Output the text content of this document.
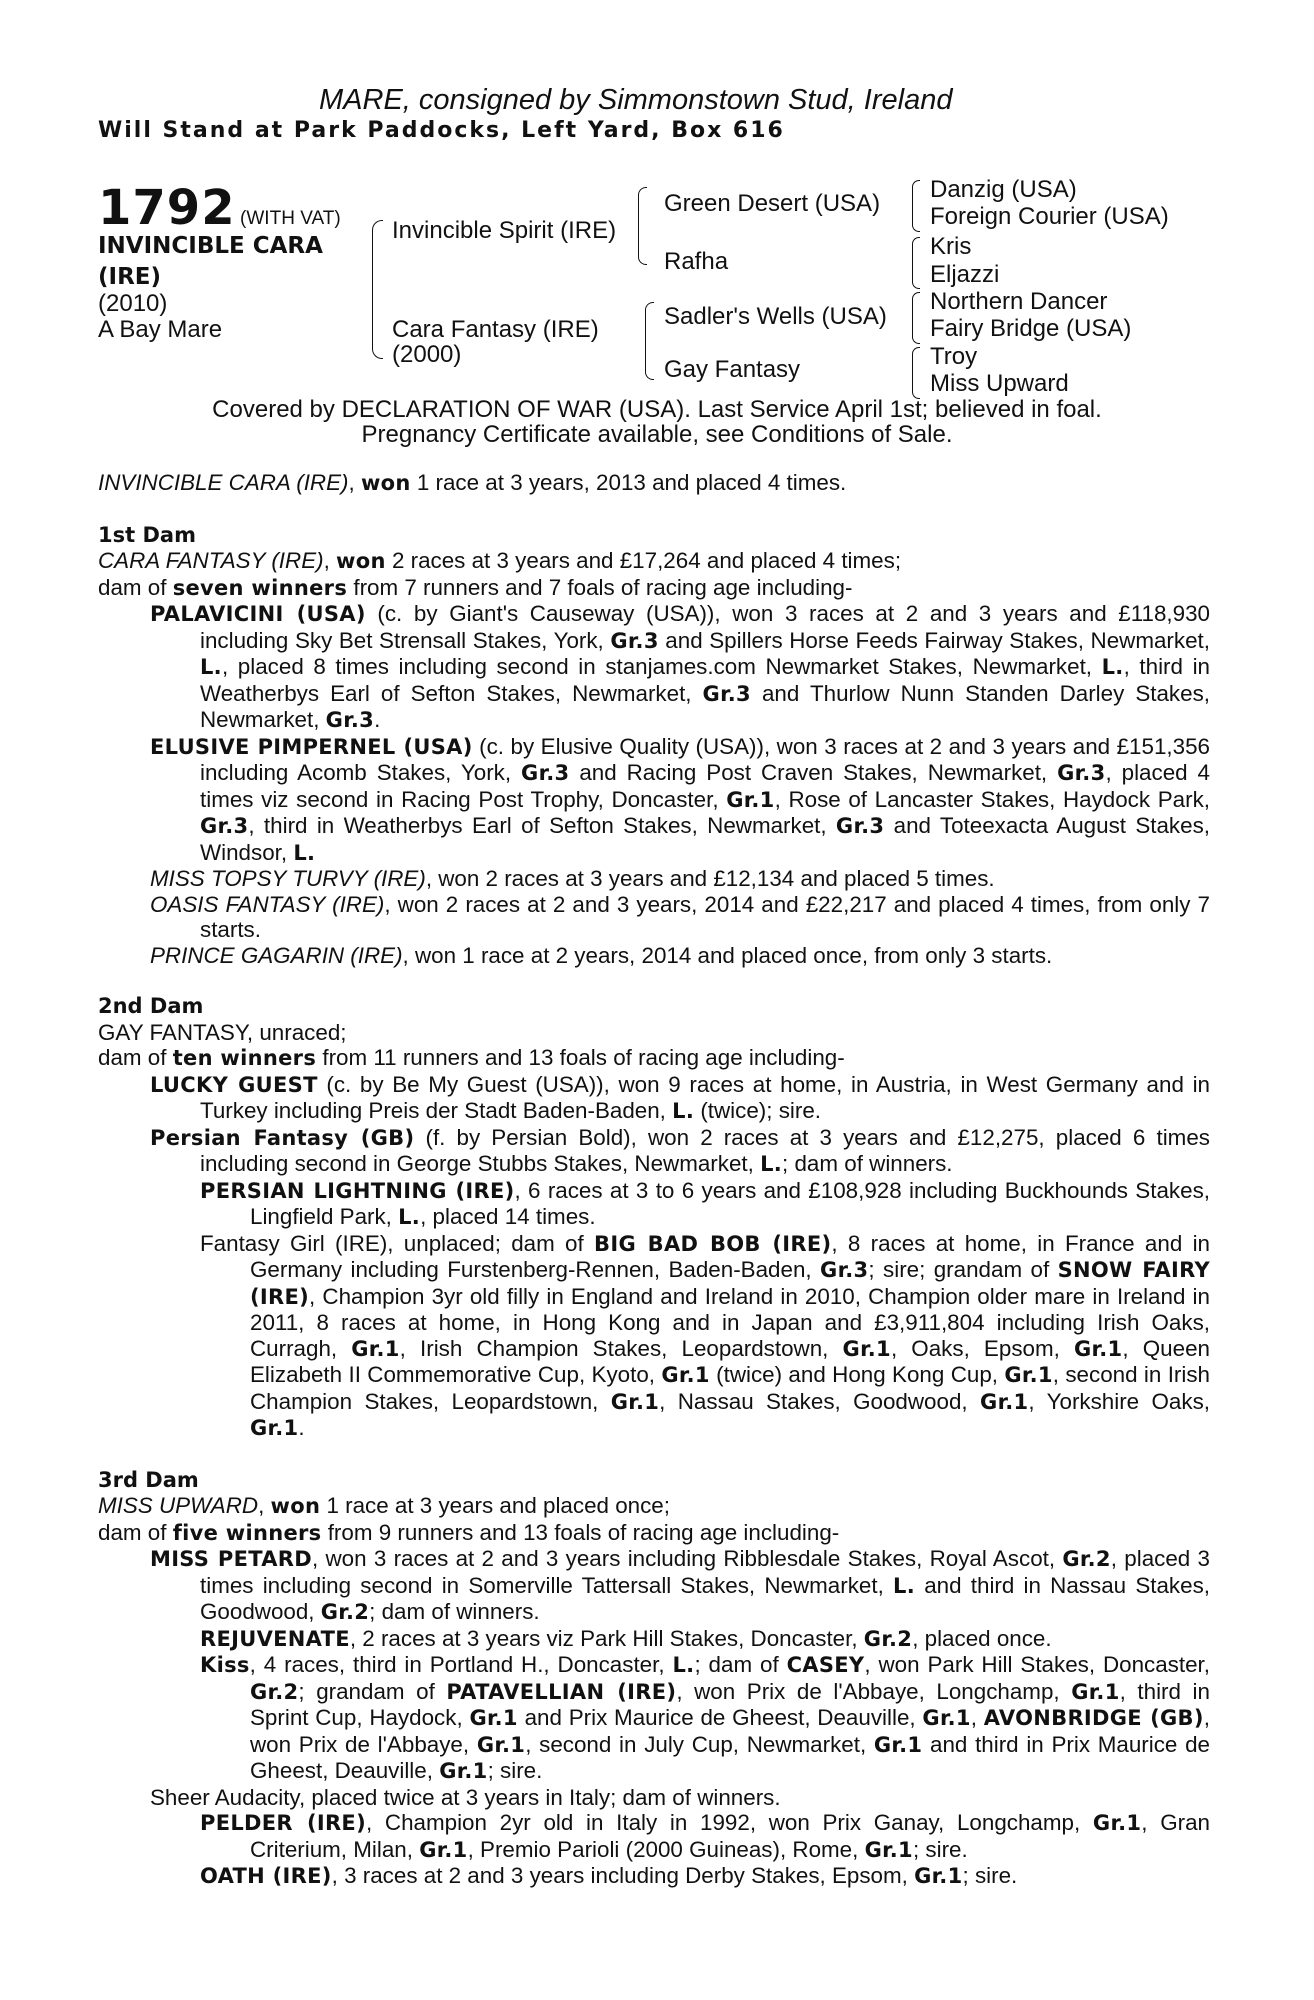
MARE, consigned by Simmonstown Stud, Ireland
Will Stand at Park Paddocks, Left Yard, Box 616
1792 (WITH VAT)
INVINCIBLE CARA
(IRE)
(2010)
A Bay Mare
Invincible Spirit (IRE)
Cara Fantasy (IRE)
(2000)
Green Desert (USA)
Rafha
Sadler's Wells (USA)
Gay Fantasy
Danzig (USA)
Foreign Courier (USA)
Kris
Eljazzi
Northern Dancer
Fairy Bridge (USA)
Troy
Miss Upward
Covered by DECLARATION OF WAR (USA). Last Service April 1st; believed in foal.
Pregnancy Certificate available, see Conditions of Sale.

INVINCIBLE CARA (IRE), won 1 race at 3 years, 2013 and placed 4 times.

1st Dam

CARA FANTASY (IRE), won 2 races at 3 years and £17,264 and placed 4 times;

dam of seven winners from 7 runners and 7 foals of racing age including-

PALAVICINI (USA) (c. by Giant's Causeway (USA)), won 3 races at 2 and 3 years and £118,930 including Sky Bet Strensall Stakes, York, Gr.3 and Spillers Horse Feeds Fairway Stakes, Newmarket, L., placed 8 times including second in stanjames.com Newmarket Stakes, Newmarket, L., third in Weatherbys Earl of Sefton Stakes, Newmarket, Gr.3 and Thurlow Nunn Standen Darley Stakes, Newmarket, Gr.3.

ELUSIVE PIMPERNEL (USA) (c. by Elusive Quality (USA)), won 3 races at 2 and 3 years and £151,356 including Acomb Stakes, York, Gr.3 and Racing Post Craven Stakes, Newmarket, Gr.3, placed 4 times viz second in Racing Post Trophy, Doncaster, Gr.1, Rose of Lancaster Stakes, Haydock Park, Gr.3, third in Weatherbys Earl of Sefton Stakes, Newmarket, Gr.3 and Toteexacta August Stakes, Windsor, L.

MISS TOPSY TURVY (IRE), won 2 races at 3 years and £12,134 and placed 5 times.

OASIS FANTASY (IRE), won 2 races at 2 and 3 years, 2014 and £22,217 and placed 4 times, from only 7 starts.

PRINCE GAGARIN (IRE), won 1 race at 2 years, 2014 and placed once, from only 3 starts.

2nd Dam

GAY FANTASY, unraced;

dam of ten winners from 11 runners and 13 foals of racing age including-

LUCKY GUEST (c. by Be My Guest (USA)), won 9 races at home, in Austria, in West Germany and in Turkey including Preis der Stadt Baden-Baden, L. (twice); sire.

Persian Fantasy (GB) (f. by Persian Bold), won 2 races at 3 years and £12,275, placed 6 times including second in George Stubbs Stakes, Newmarket, L.; dam of winners.

PERSIAN LIGHTNING (IRE), 6 races at 3 to 6 years and £108,928 including Buckhounds Stakes, Lingfield Park, L., placed 14 times.

Fantasy Girl (IRE), unplaced; dam of BIG BAD BOB (IRE), 8 races at home, in France and in Germany including Furstenberg-Rennen, Baden-Baden, Gr.3; sire; grandam of SNOW FAIRY (IRE), Champion 3yr old filly in England and Ireland in 2010, Champion older mare in Ireland in 2011, 8 races at home, in Hong Kong and in Japan and £3,911,804 including Irish Oaks, Curragh, Gr.1, Irish Champion Stakes, Leopardstown, Gr.1, Oaks, Epsom, Gr.1, Queen Elizabeth II Commemorative Cup, Kyoto, Gr.1 (twice) and Hong Kong Cup, Gr.1, second in Irish Champion Stakes, Leopardstown, Gr.1, Nassau Stakes, Goodwood, Gr.1, Yorkshire Oaks, Gr.1.

3rd Dam

MISS UPWARD, won 1 race at 3 years and placed once;

dam of five winners from 9 runners and 13 foals of racing age including-

MISS PETARD, won 3 races at 2 and 3 years including Ribblesdale Stakes, Royal Ascot, Gr.2, placed 3 times including second in Somerville Tattersall Stakes, Newmarket, L. and third in Nassau Stakes, Goodwood, Gr.2; dam of winners.

REJUVENATE, 2 races at 3 years viz Park Hill Stakes, Doncaster, Gr.2, placed once.

Kiss, 4 races, third in Portland H., Doncaster, L.; dam of CASEY, won Park Hill Stakes, Doncaster, Gr.2; grandam of PATAVELLIAN (IRE), won Prix de l'Abbaye, Longchamp, Gr.1, third in Sprint Cup, Haydock, Gr.1 and Prix Maurice de Gheest, Deauville, Gr.1, AVONBRIDGE (GB), won Prix de l'Abbaye, Gr.1, second in July Cup, Newmarket, Gr.1 and third in Prix Maurice de Gheest, Deauville, Gr.1; sire.

Sheer Audacity, placed twice at 3 years in Italy; dam of winners.

PELDER (IRE), Champion 2yr old in Italy in 1992, won Prix Ganay, Longchamp, Gr.1, Gran Criterium, Milan, Gr.1, Premio Parioli (2000 Guineas), Rome, Gr.1; sire.

OATH (IRE), 3 races at 2 and 3 years including Derby Stakes, Epsom, Gr.1; sire.
